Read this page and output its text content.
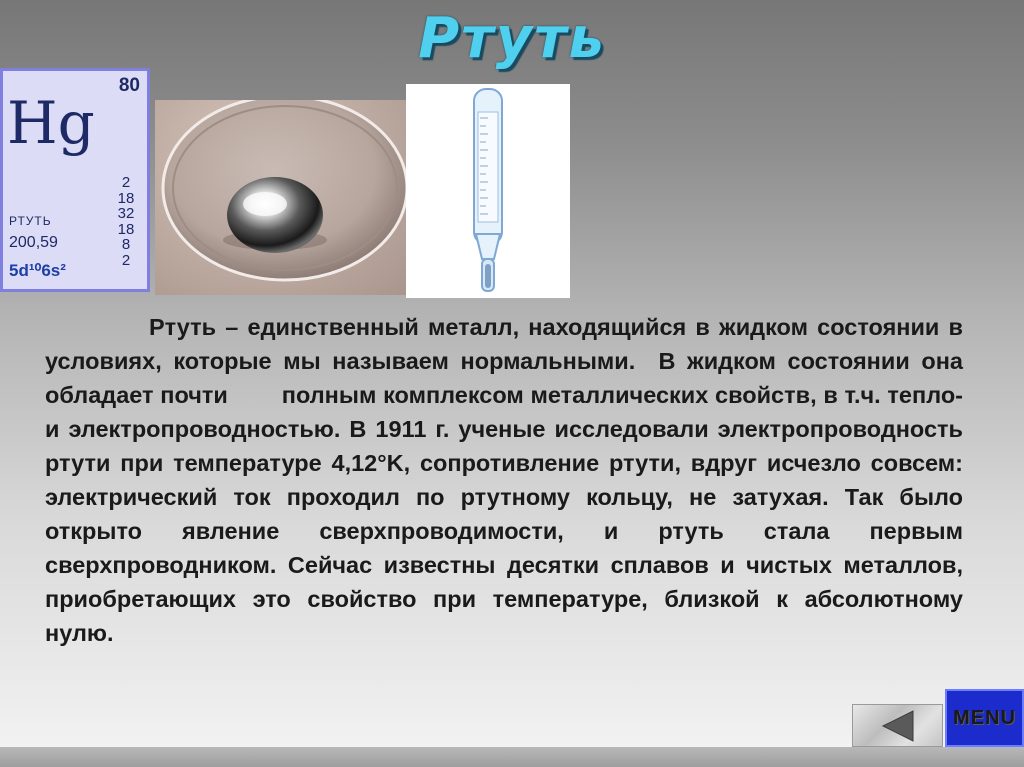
Ртуть
80
Hg
2
18
32
18
8
2
РТУТЬ
200,59
5d¹⁰6s²

Ртуть – единственный металл, находящийся в жидком состоянии в условиях, которые мы называем нормальными.  В жидком состоянии она обладает почти        полным комплексом металлических свойств, в т.ч. тепло- и электропроводностью. В 1911 г. ученые исследовали электропроводность ртути при температуре 4,12°K, сопротивление ртути, вдруг исчезло совсем: электрический ток проходил по ртутному кольцу, не затухая. Так было открыто явление сверхпроводимости, и ртуть стала первым сверхпроводником. Сейчас известны десятки сплавов и чистых металлов, приобретающих это свойство при температуре, близкой к абсолютному нулю.

MENU
